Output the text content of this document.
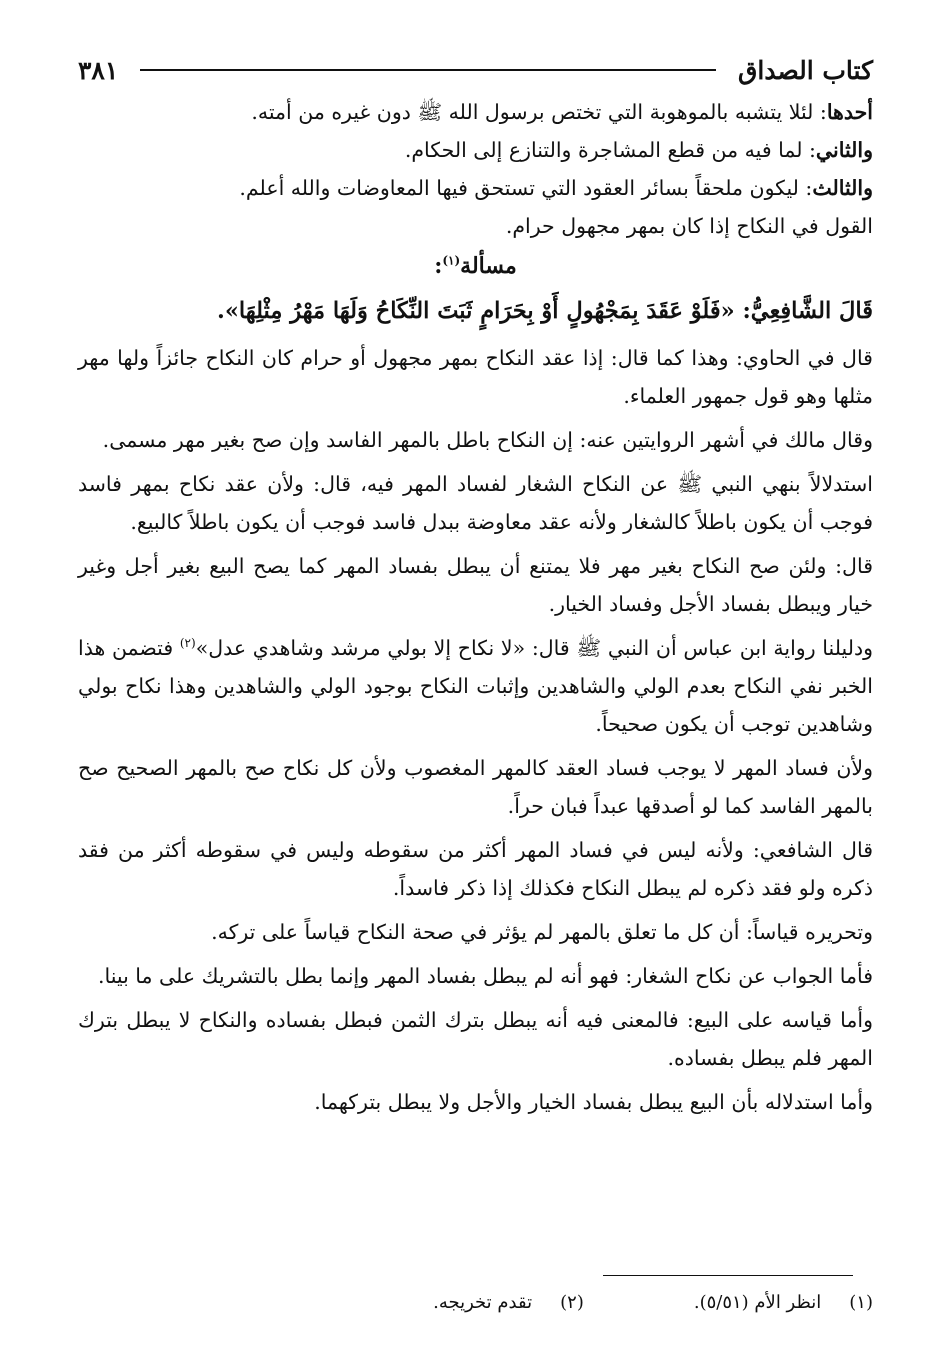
كتاب الصداق
٣٨١

أحدها: لئلا يتشبه بالموهوبة التي تختص برسول الله ﷺ دون غيره من أمته.

والثاني: لما فيه من قطع المشاجرة والتنازع إلى الحكام.

والثالث: ليكون ملحقاً بسائر العقود التي تستحق فيها المعاوضات والله أعلم.

القول في النكاح إذا كان بمهر مجهول حرام.

مسألة$^{(١)}$:

قَالَ الشَّافِعِيُّ: «فَلَوْ عَقَدَ بِمَجْهُولٍ أَوْ بِحَرَامٍ ثَبَتَ النِّكَاحُ وَلَهَا مَهْرُ مِثْلِهَا».

قال في الحاوي: وهذا كما قال: إذا عقد النكاح بمهر مجهول أو حرام كان النكاح جائزاً ولها مهر مثلها وهو قول جمهور العلماء.

وقال مالك في أشهر الروايتين عنه: إن النكاح باطل بالمهر الفاسد وإن صح بغير مهر مسمى.

استدلالاً بنهي النبي ﷺ عن النكاح الشغار لفساد المهر فيه، قال: ولأن عقد نكاح بمهر فاسد فوجب أن يكون باطلاً كالشغار ولأنه عقد معاوضة ببدل فاسد فوجب أن يكون باطلاً كالبيع.

قال: ولئن صح النكاح بغير مهر فلا يمتنع أن يبطل بفساد المهر كما يصح البيع بغير أجل وغير خيار ويبطل بفساد الأجل وفساد الخيار.

ودليلنا رواية ابن عباس أن النبي ﷺ قال: «لا نكاح إلا بولي مرشد وشاهدي عدل»$^{(٢)}$ فتضمن هذا الخبر نفي النكاح بعدم الولي والشاهدين وإثبات النكاح بوجود الولي والشاهدين وهذا نكاح بولي وشاهدين توجب أن يكون صحيحاً.

ولأن فساد المهر لا يوجب فساد العقد كالمهر المغصوب ولأن كل نكاح صح بالمهر الصحيح صح بالمهر الفاسد كما لو أصدقها عبداً فبان حراً.

قال الشافعي: ولأنه ليس في فساد المهر أكثر من سقوطه وليس في سقوطه أكثر من فقد ذكره ولو فقد ذكره لم يبطل النكاح فكذلك إذا ذكر فاسداً.

وتحريره قياساً: أن كل ما تعلق بالمهر لم يؤثر في صحة النكاح قياساً على تركه.

فأما الجواب عن نكاح الشغار: فهو أنه لم يبطل بفساد المهر وإنما بطل بالتشريك على ما بينا.

وأما قياسه على البيع: فالمعنى فيه أنه يبطل بترك الثمن فبطل بفساده والنكاح لا يبطل بترك المهر فلم يبطل بفساده.

وأما استدلاله بأن البيع يبطل بفساد الخيار والأجل ولا يبطل بتركهما.

(١)انظر الأم (٥/٥١).
(٢)تقدم تخريجه.
